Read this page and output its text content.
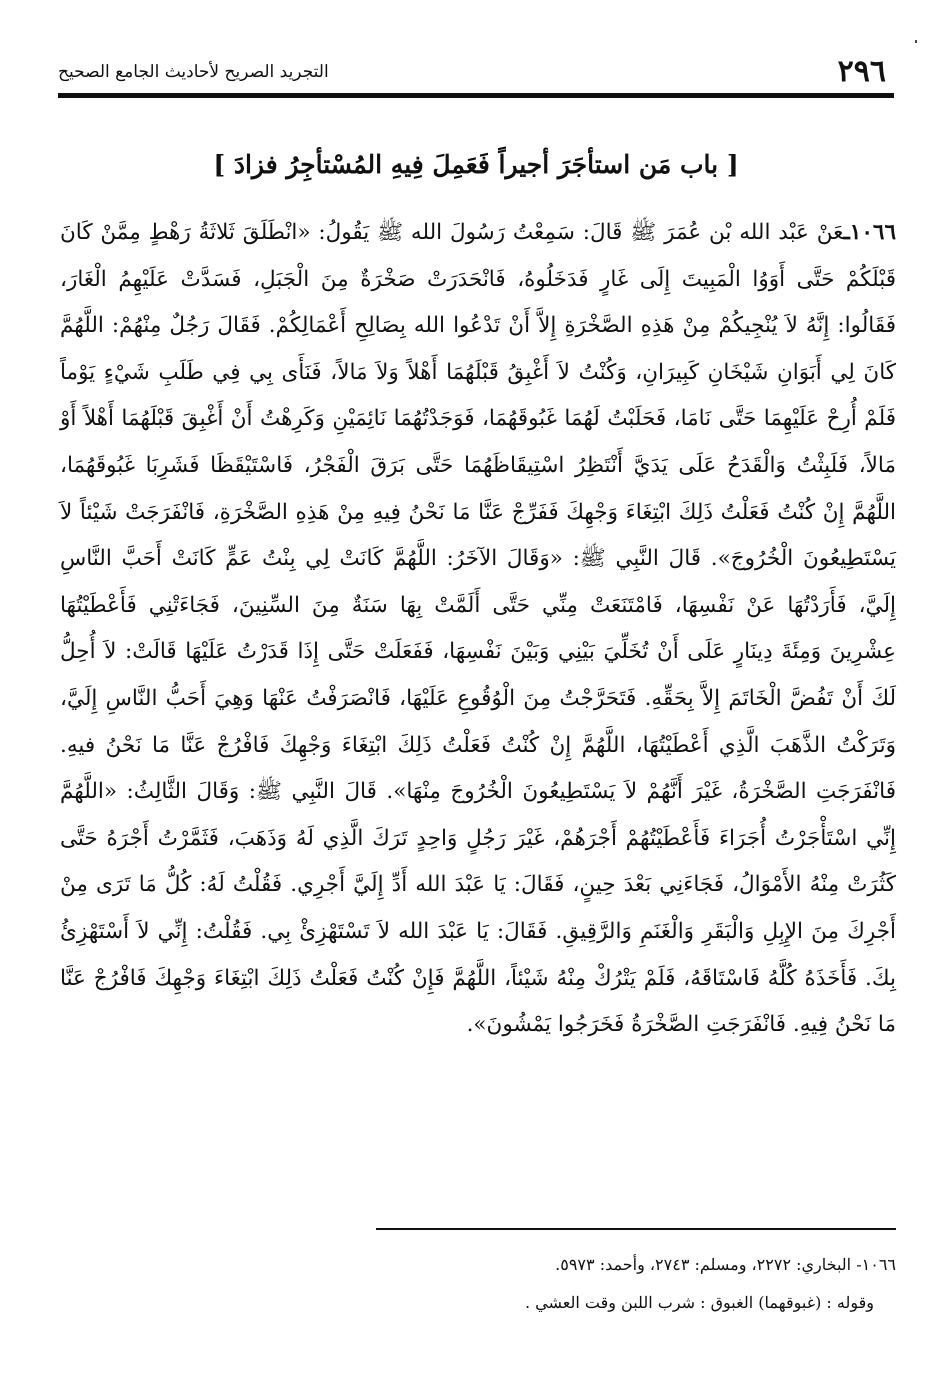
٢٩٦
التجريد الصريح لأحاديث الجامع الصحيح
[ باب مَن استأجَرَ أجيراً فَعَمِلَ فِيهِ المُسْتأجِرُ فزادَ ]

١٠٦٦ـعَنْ عَبْد الله بْن عُمَرَ ﷺ قَالَ: سَمِعْتُ رَسُولَ الله ﷺ يَقُولُ: «انْطَلَقَ ثَلاثَةُ رَهْطٍ مِمَّنْ كَانَ قَبْلَكُمْ حَتَّى أَوَوُا الْمَبِيتَ إِلَى غَارٍ فَدَخَلُوهُ، فَانْحَدَرَتْ صَخْرَةٌ مِنَ الْجَبَلِ، فَسَدَّتْ عَلَيْهِمُ الْغَارَ، فَقَالُوا: إِنَّهُ لاَ يُنْجِيكُمْ مِنْ هَذِهِ الصَّخْرَةِ إِلاَّ أَنْ تَدْعُوا الله بِصَالِحِ أَعْمَالِكُمْ. فَقَالَ رَجُلٌ مِنْهُمْ: اللَّهُمَّ كَانَ لِي أَبَوَانِ شَيْخَانِ كَبِيرَانِ، وَكُنْتُ لاَ أَغْبِقُ قَبْلَهُمَا أَهْلاً وَلاَ مَالاً، فَنَأَى بِي فِي طَلَبِ شَيْءٍ يَوْماً فَلَمْ أُرِحْ عَلَيْهِمَا حَتَّى نَامَا، فَحَلَبْتُ لَهُمَا غَبُوقَهُمَا، فَوَجَدْتُهُمَا نَائِمَيْنِ وَكَرِهْتُ أَنْ أَغْبِقَ قَبْلَهُمَا أَهْلاً أَوْ مَالاً، فَلَبِثْتُ وَالْقَدَحُ عَلَى يَدَيَّ أَنْتَظِرُ اسْتِيقَاظَهُمَا حَتَّى بَرَقَ الْفَجْرُ، فَاسْتَيْقَظَا فَشَرِبَا غَبُوقَهُمَا، اللَّهُمَّ إِنْ كُنْتُ فَعَلْتُ ذَلِكَ ابْتِغَاءَ وَجْهِكَ فَفَرِّجْ عَنَّا مَا نَحْنُ فِيهِ مِنْ هَذِهِ الصَّخْرَةِ، فَانْفَرَجَتْ شَيْئاً لاَ يَسْتَطِيعُونَ الْخُرُوجَ». قَالَ النَّبِي ﷺ: «وَقَالَ الآخَرُ: اللَّهُمَّ كَانَتْ لِي بِنْتُ عَمٍّ كَانَتْ أَحَبَّ النَّاسِ إِلَيَّ، فَأَرَدْتُهَا عَنْ نَفْسِهَا، فَامْتَنَعَتْ مِنِّي حَتَّى أَلَمَّتْ بِهَا سَنَةٌ مِنَ السِّنِينَ، فَجَاءَتْنِي فَأَعْطَيْتُهَا عِشْرِينَ وَمِئَةَ دِينَارٍ عَلَى أَنْ تُخَلِّيَ بَيْنِي وَبَيْنَ نَفْسِهَا، فَفَعَلَتْ حَتَّى إِذَا قَدَرْتُ عَلَيْهَا قَالَتْ: لاَ أُحِلُّ لَكَ أَنْ تَفُضَّ الْخَاتَمَ إِلاَّ بِحَقِّهِ. فَتَحَرَّجْتُ مِنَ الْوُقُوعِ عَلَيْهَا، فَانْصَرَفْتُ عَنْهَا وَهِيَ أَحَبُّ النَّاسِ إِلَيَّ، وَتَرَكْتُ الذَّهَبَ الَّذِي أَعْطَيْتُهَا، اللَّهُمَّ إِنْ كُنْتُ فَعَلْتُ ذَلِكَ ابْتِغَاءَ وَجْهِكَ فَافْرُجْ عَنَّا مَا نَحْنُ فيهِ. فَانْفَرَجَتِ الصَّخْرَةُ، غَيْرَ أَنَّهُمْ لاَ يَسْتَطِيعُونَ الْخُرُوجَ مِنْهَا». قَالَ النَّبِي ﷺ: وَقَالَ الثَّالِثُ: «اللَّهُمَّ إِنِّي اسْتَأْجَرْتُ أُجَرَاءَ فَأَعْطَيْتُهُمْ أَجْرَهُمْ، غَيْرَ رَجُلٍ وَاحِدٍ تَرَكَ الَّذِي لَهُ وَذَهَبَ، فَثَمَّرْتُ أَجْرَهُ حَتَّى كَثُرَتْ مِنْهُ الأَمْوَالُ، فَجَاءَنِي بَعْدَ حِينٍ، فَقَالَ: يَا عَبْدَ الله أَدِّ إِلَيَّ أَجْرِي. فَقُلْتُ لَهُ: كُلُّ مَا تَرَى مِنْ أَجْرِكَ مِنَ الإِبِلِ وَالْبَقَرِ وَالْغَنَمِ وَالرَّقِيقِ. فَقَالَ: يَا عَبْدَ الله لاَ تَسْتَهْزِئْ بِي. فَقُلْتُ: إِنِّي لاَ أَسْتَهْزِئُ بِكَ. فَأَخَذَهُ كُلَّهُ فَاسْتَاقَهُ، فَلَمْ يَتْرُكْ مِنْهُ شَيْئاً، اللَّهُمَّ فَإِنْ كُنْتُ فَعَلْتُ ذَلِكَ ابْتِغَاءَ وَجْهِكَ فَافْرُجْ عَنَّا مَا نَحْنُ فِيهِ. فَانْفَرَجَتِ الصَّخْرَةُ فَخَرَجُوا يَمْشُونَ».

١٠٦٦- البخاري: ٢٢٧٢، ومسلم: ٢٧٤٣، وأحمد: ٥٩٧٣.
وقوله : (غبوقهما) الغبوق : شرب اللبن وقت العشي .
